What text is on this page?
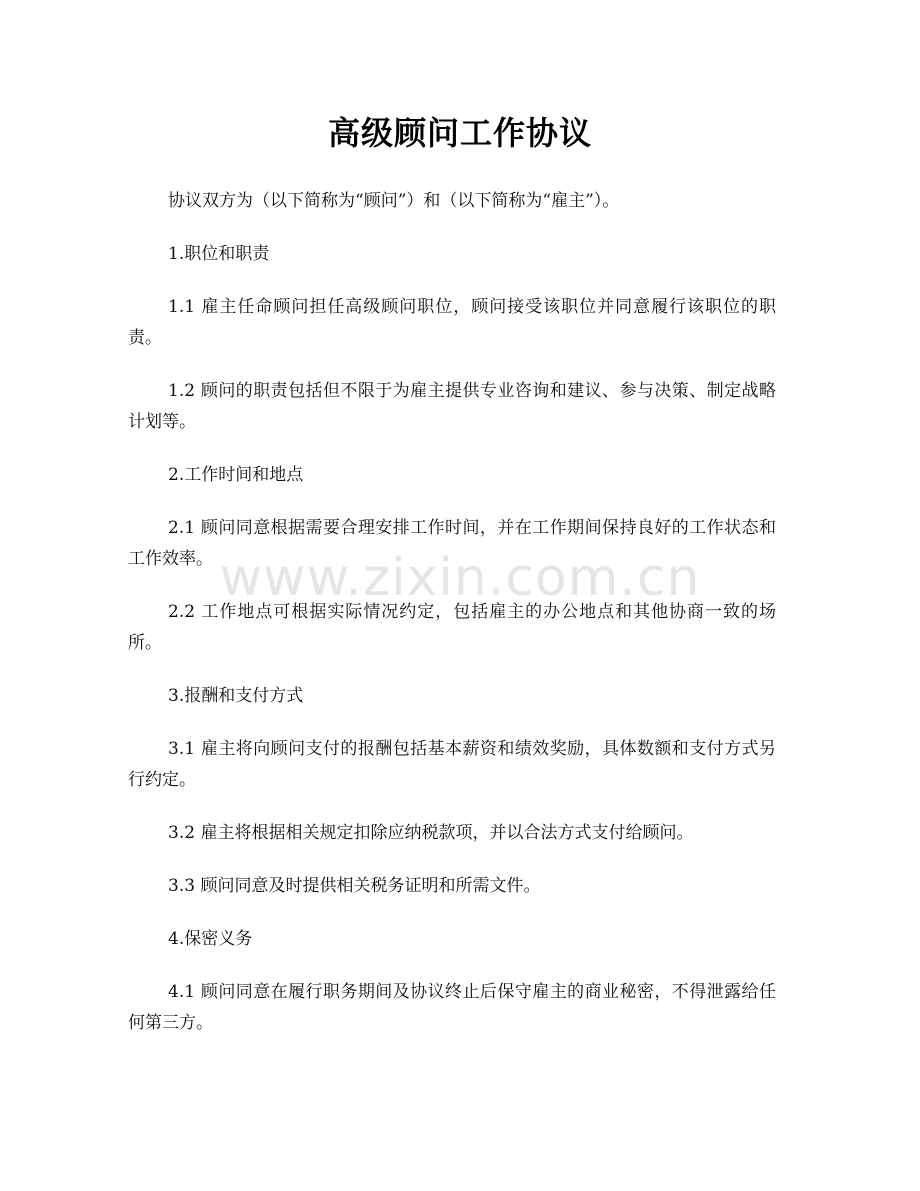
高级顾问工作协议

协议双方为（以下简称为“顾问”）和（以下简称为“雇主”）。

1.职位和职责

1.1 雇主任命顾问担任高级顾问职位，顾问接受该职位并同意履行该职位的职责。

1.2 顾问的职责包括但不限于为雇主提供专业咨询和建议、参与决策、制定战略计划等。

2.工作时间和地点

2.1 顾问同意根据需要合理安排工作时间，并在工作期间保持良好的工作状态和工作效率。

2.2 工作地点可根据实际情况约定，包括雇主的办公地点和其他协商一致的场所。

3.报酬和支付方式

3.1 雇主将向顾问支付的报酬包括基本薪资和绩效奖励，具体数额和支付方式另行约定。

3.2 雇主将根据相关规定扣除应纳税款项，并以合法方式支付给顾问。

3.3 顾问同意及时提供相关税务证明和所需文件。

4.保密义务

4.1 顾问同意在履行职务期间及协议终止后保守雇主的商业秘密，不得泄露给任何第三方。

www.zixin.com.cn
